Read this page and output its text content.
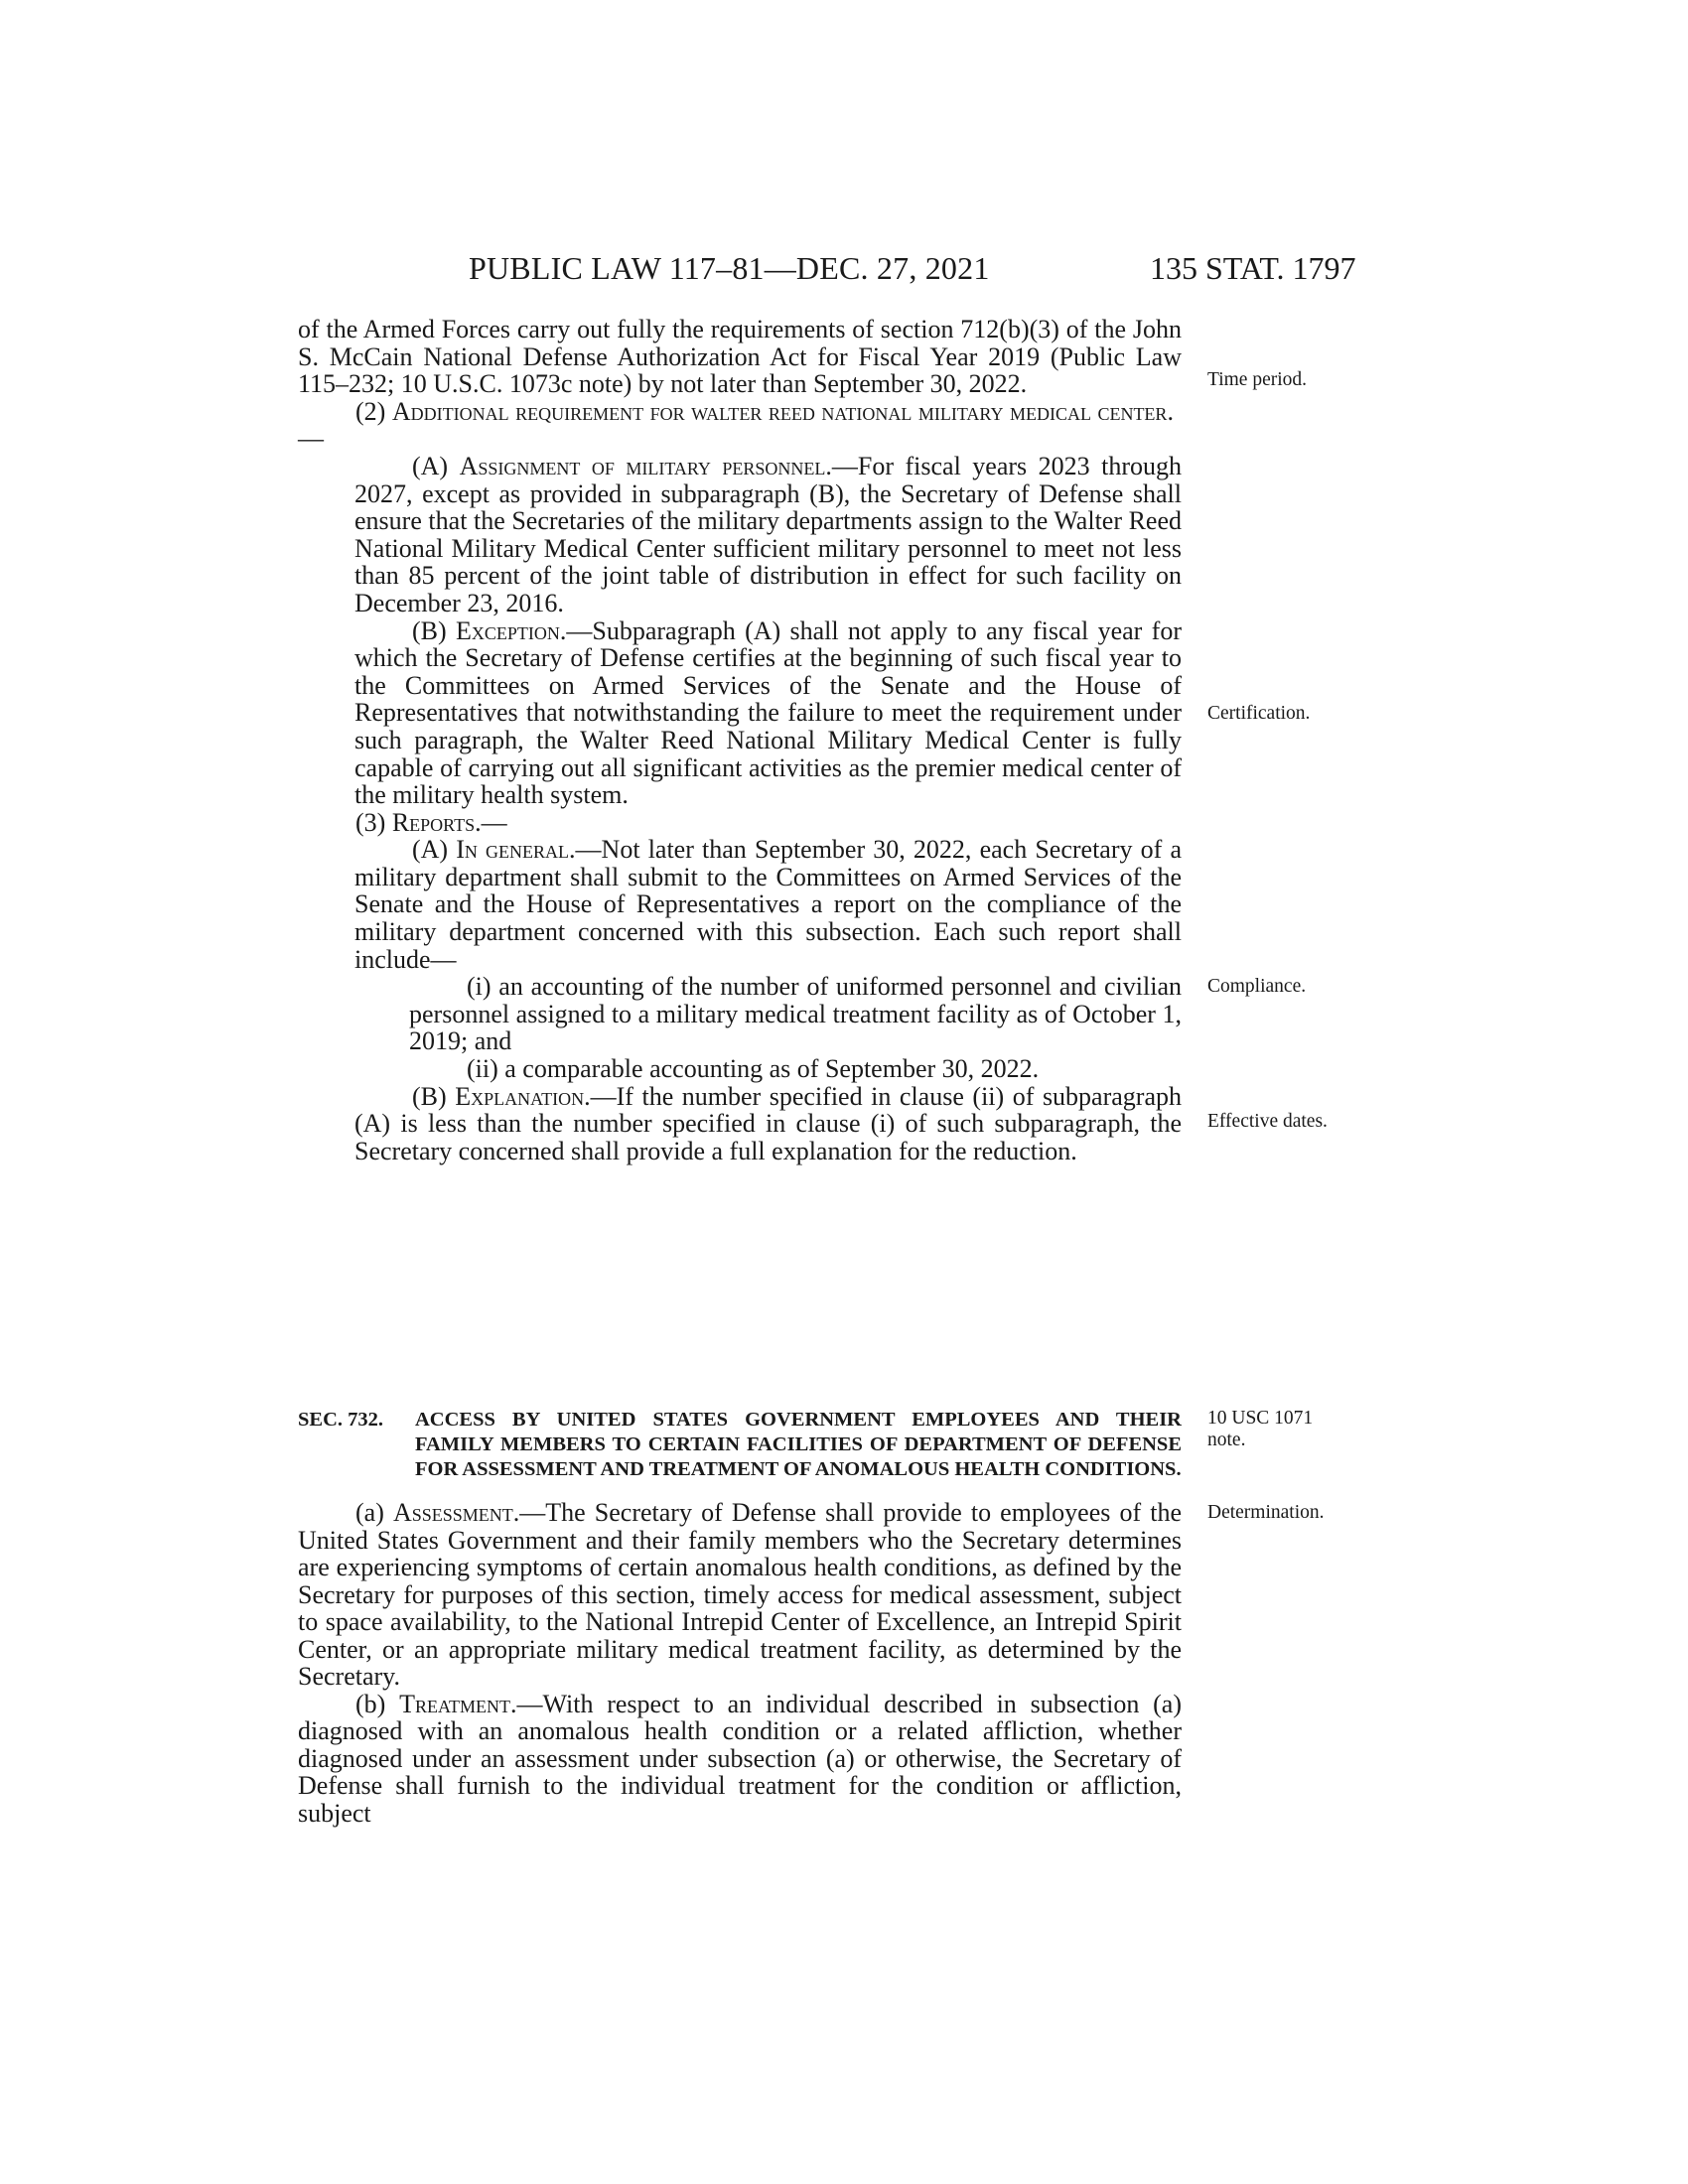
PUBLIC LAW 117–81—DEC. 27, 2021	135 STAT. 1797

of the Armed Forces carry out fully the requirements of section 712(b)(3) of the John S. McCain National Defense Authorization Act for Fiscal Year 2019 (Public Law 115–232; 10 U.S.C. 1073c note) by not later than September 30, 2022.

(2) Additional requirement for walter reed national military medical center.—

(A) Assignment of military personnel.—For fiscal years 2023 through 2027, except as provided in subparagraph (B), the Secretary of Defense shall ensure that the Secretaries of the military departments assign to the Walter Reed National Military Medical Center sufficient military personnel to meet not less than 85 percent of the joint table of distribution in effect for such facility on December 23, 2016.

(B) Exception.—Subparagraph (A) shall not apply to any fiscal year for which the Secretary of Defense certifies at the beginning of such fiscal year to the Committees on Armed Services of the Senate and the House of Representatives that notwithstanding the failure to meet the requirement under such paragraph, the Walter Reed National Military Medical Center is fully capable of carrying out all significant activities as the premier medical center of the military health system.

(3) Reports.—

(A) In general.—Not later than September 30, 2022, each Secretary of a military department shall submit to the Committees on Armed Services of the Senate and the House of Representatives a report on the compliance of the military department concerned with this subsection. Each such report shall include—

(i) an accounting of the number of uniformed personnel and civilian personnel assigned to a military medical treatment facility as of October 1, 2019; and

(ii) a comparable accounting as of September 30, 2022.

(B) Explanation.—If the number specified in clause (ii) of subparagraph (A) is less than the number specified in clause (i) of such subparagraph, the Secretary concerned shall provide a full explanation for the reduction.

SEC. 732.	ACCESS BY UNITED STATES GOVERNMENT EMPLOYEES AND THEIR FAMILY MEMBERS TO CERTAIN FACILITIES OF DEPARTMENT OF DEFENSE FOR ASSESSMENT AND TREATMENT OF ANOMALOUS HEALTH CONDITIONS.

(a) Assessment.—The Secretary of Defense shall provide to employees of the United States Government and their family members who the Secretary determines are experiencing symptoms of certain anomalous health conditions, as defined by the Secretary for purposes of this section, timely access for medical assessment, subject to space availability, to the National Intrepid Center of Excellence, an Intrepid Spirit Center, or an appropriate military medical treatment facility, as determined by the Secretary.

(b) Treatment.—With respect to an individual described in subsection (a) diagnosed with an anomalous health condition or a related affliction, whether diagnosed under an assessment under subsection (a) or otherwise, the Secretary of Defense shall furnish to the individual treatment for the condition or affliction, subject

Time period.
Certification.
Compliance.
Effective dates.
10 USC 1071
note.
Determination.
